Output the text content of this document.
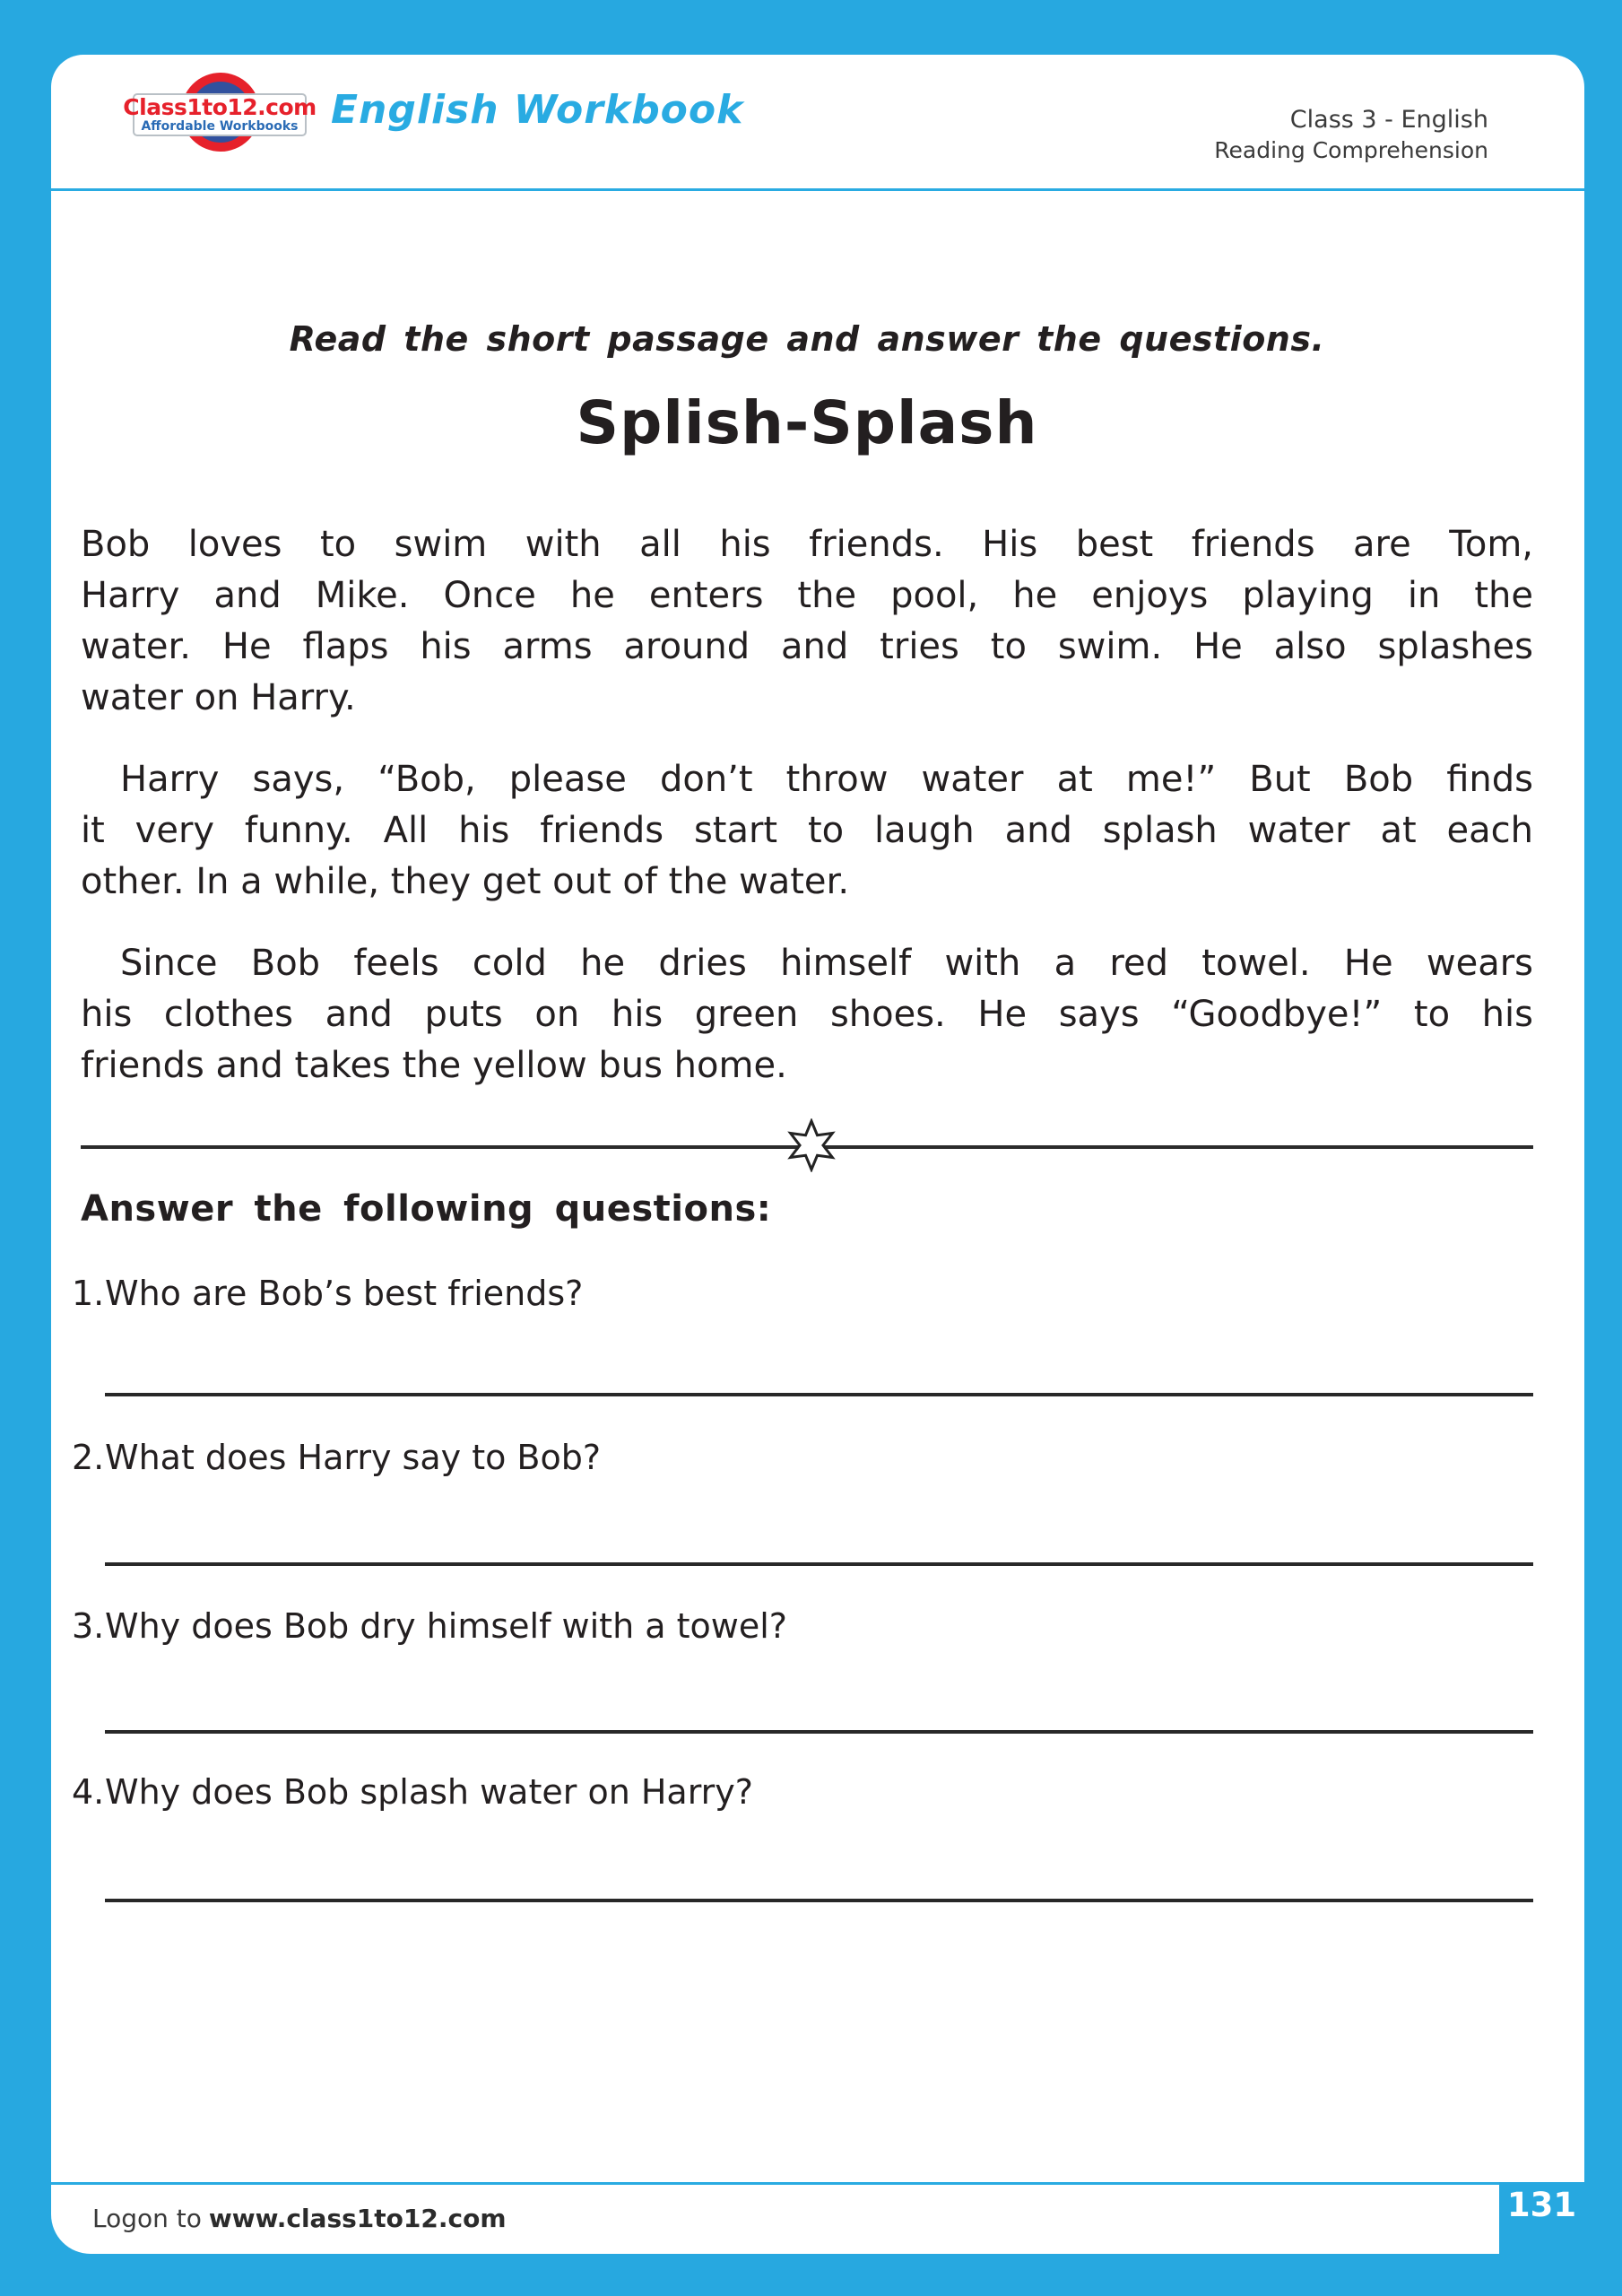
Class1to12.com
Affordable Workbooks English Workbook	Class 3 - English
Reading Comprehension
Read the short passage and answer the questions.
Splish-Splash
Bob loves to swim with all his friends. His best friends are Tom,
Harry and Mike. Once he enters the pool, he enjoys playing in the
water. He flaps his arms around and tries to swim. He also splashes
water on Harry.
Harry says, “Bob, please don’t throw water at me!” But Bob finds
it very funny. All his friends start to laugh and splash water at each
other. In a while, they get out of the water.
Since Bob feels cold he dries himself with a red towel. He wears
his clothes and puts on his green shoes. He says “Goodbye!” to his
friends and takes the yellow bus home.
Answer the following questions:
1. Who are Bob’s best friends?
2. What does Harry say to Bob?
3. Why does Bob dry himself with a towel?
4. Why does Bob splash water on Harry?
Logon to www.class1to12.com	131
